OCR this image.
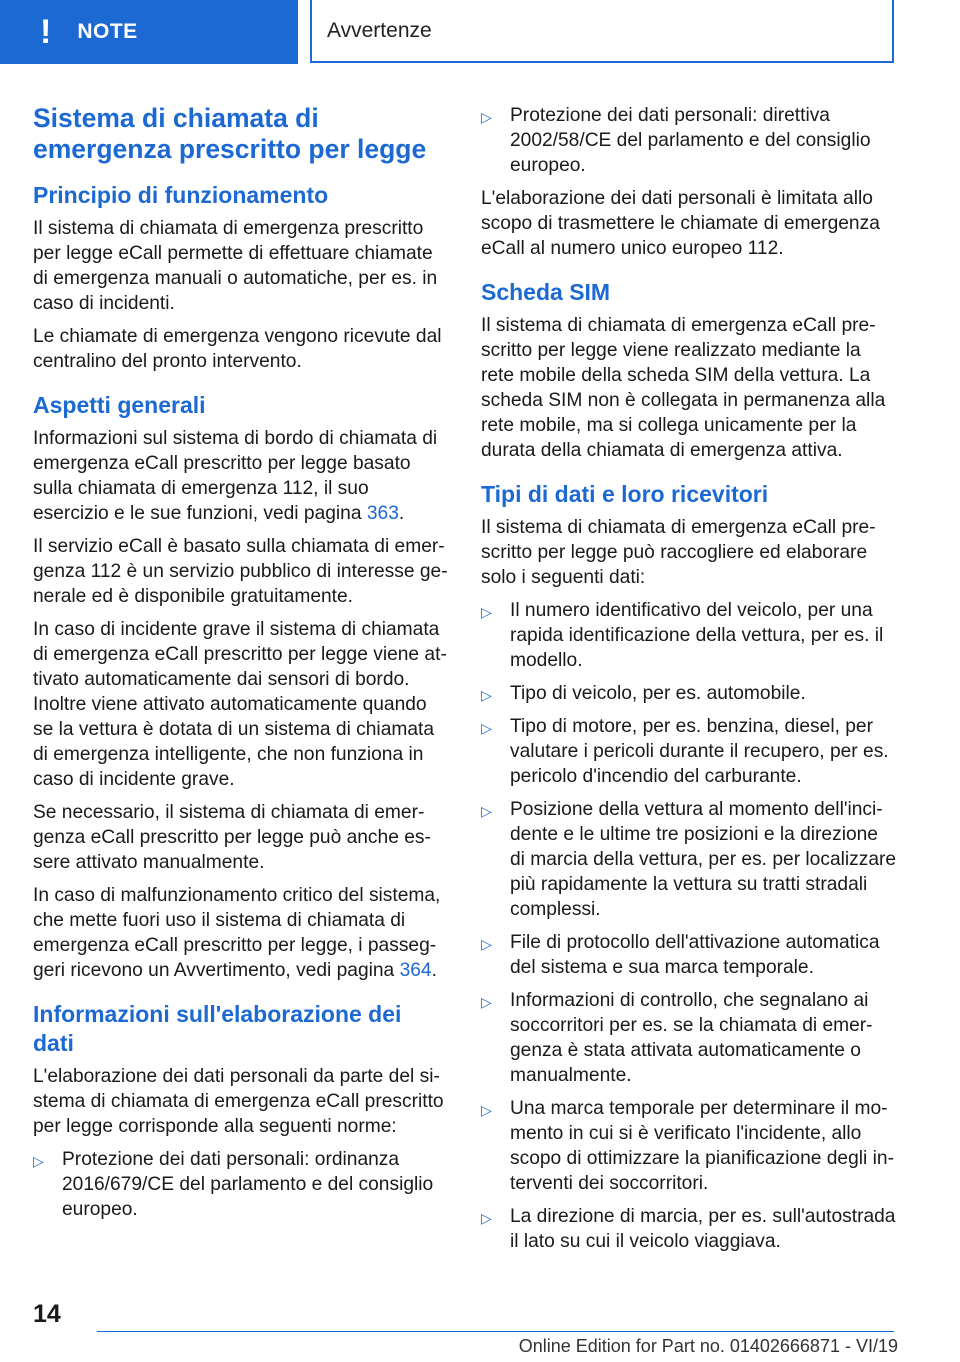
! NOTE	Avvertenze
Sistema di chiamata di emergenza prescritto per legge
Principio di funzionamento

Il sistema di chiamata di emergenza prescritto per legge eCall permette di effettuare chiamate di emergenza manuali o automatiche, per es. in caso di incidenti.

Le chiamate di emergenza vengono ricevute dal centralino del pronto intervento.

Aspetti generali

Informazioni sul sistema di bordo di chiamata di emergenza eCall prescritto per legge basato sulla chiamata di emergenza 112, il suo esercizio e le sue funzioni, vedi pagina 363.

Il servizio eCall è basato sulla chiamata di emergenza 112 è un servizio pubblico di interesse generale ed è disponibile gratuitamente.

In caso di incidente grave il sistema di chiamata di emergenza eCall prescritto per legge viene attivato automaticamente dai sensori di bordo. Inoltre viene attivato automaticamente quando se la vettura è dotata di un sistema di chiamata di emergenza intelligente, che non funziona in caso di incidente grave.

Se necessario, il sistema di chiamata di emergenza eCall prescritto per legge può anche essere attivato manualmente.

In caso di malfunzionamento critico del sistema, che mette fuori uso il sistema di chiamata di emergenza eCall prescritto per legge, i passeggeri ricevono un Avvertimento, vedi pagina 364.

Informazioni sull'elaborazione dei dati

L'elaborazione dei dati personali da parte del sistema di chiamata di emergenza eCall prescritto per legge corrisponde alla seguenti norme:

▷ Protezione dei dati personali: ordinanza 2016/679/CE del parlamento e del consiglio europeo.
▷ Protezione dei dati personali: direttiva 2002/58/CE del parlamento e del consiglio europeo.

L'elaborazione dei dati personali è limitata allo scopo di trasmettere le chiamate di emergenza eCall al numero unico europeo 112.

Scheda SIM

Il sistema di chiamata di emergenza eCall prescritto per legge viene realizzato mediante la rete mobile della scheda SIM della vettura. La scheda SIM non è collegata in permanenza alla rete mobile, ma si collega unicamente per la durata della chiamata di emergenza attiva.

Tipi di dati e loro ricevitori

Il sistema di chiamata di emergenza eCall prescritto per legge può raccogliere ed elaborare solo i seguenti dati:

▷ Il numero identificativo del veicolo, per una rapida identificazione della vettura, per es. il modello.
▷ Tipo di veicolo, per es. automobile.
▷ Tipo di motore, per es. benzina, diesel, per valutare i pericoli durante il recupero, per es. pericolo d'incendio del carburante.
▷ Posizione della vettura al momento dell'incidente e le ultime tre posizioni e la direzione di marcia della vettura, per es. per localizzare più rapidamente la vettura su tratti stradali complessi.
▷ File di protocollo dell'attivazione automatica del sistema e sua marca temporale.
▷ Informazioni di controllo, che segnalano ai soccorritori per es. se la chiamata di emergenza è stata attivata automaticamente o manualmente.
▷ Una marca temporale per determinare il momento in cui si è verificato l'incidente, allo scopo di ottimizzare la pianificazione degli interventi dei soccorritori.
▷ La direzione di marcia, per es. sull'autostrada il lato su cui il veicolo viaggiava.
14
Online Edition for Part no. 01402666871 - VI/19
